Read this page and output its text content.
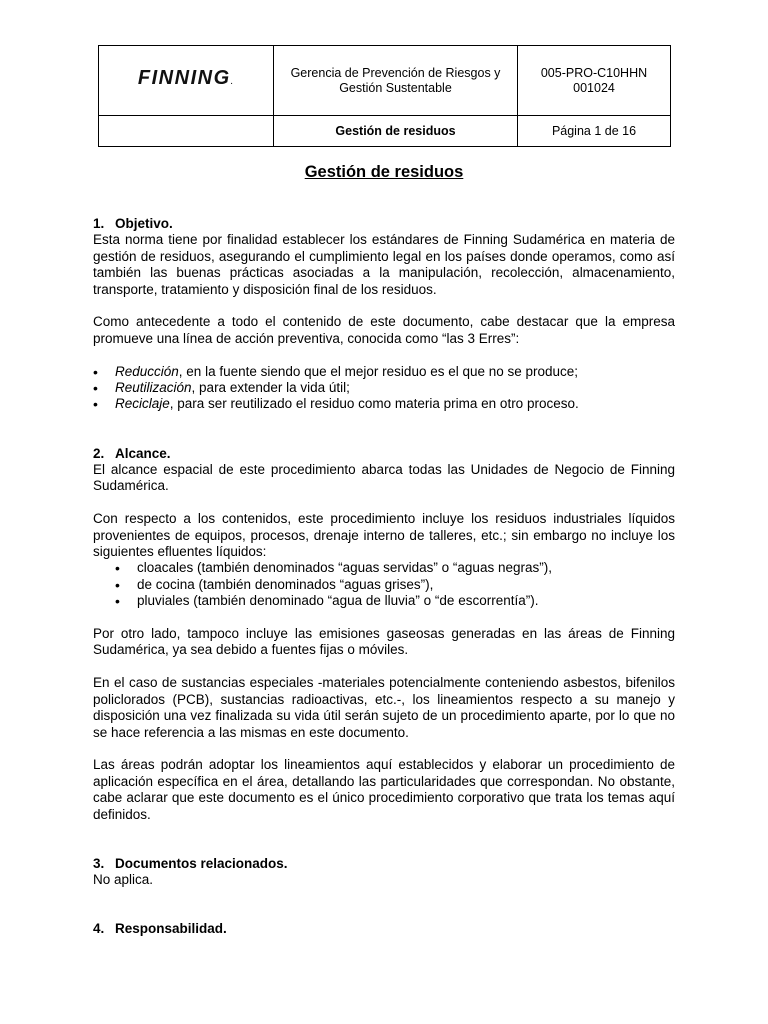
FINNING.	Gerencia de Prevención de Riesgos y Gestión Sustentable	005-PRO-C10HHN
001024

	Gestión de residuos	Página 1 de 16
Gestión de residuos

1. Objetivo.

Esta norma tiene por finalidad establecer los estándares de Finning Sudamérica en materia de gestión de residuos, asegurando el cumplimiento legal en los países donde operamos, como así también las buenas prácticas asociadas a la manipulación, recolección, almacenamiento, transporte, tratamiento y disposición final de los residuos.

Como antecedente a todo el contenido de este documento, cabe destacar que la empresa promueve una línea de acción preventiva, conocida como “las 3 Erres”:

• Reducción, en la fuente siendo que el mejor residuo es el que no se produce;
• Reutilización, para extender la vida útil;
• Reciclaje, para ser reutilizado el residuo como materia prima en otro proceso.

2. Alcance.

El alcance espacial de este procedimiento abarca todas las Unidades de Negocio de Finning Sudamérica.

Con respecto a los contenidos, este procedimiento incluye los residuos industriales líquidos provenientes de equipos, procesos, drenaje interno de talleres, etc.; sin embargo no incluye los siguientes efluentes líquidos:

• cloacales (también denominados “aguas servidas” o “aguas negras”),
• de cocina (también denominados “aguas grises”),
• pluviales (también denominado “agua de lluvia” o “de escorrentía”).

Por otro lado, tampoco incluye las emisiones gaseosas generadas en las áreas de Finning Sudamérica, ya sea debido a fuentes fijas o móviles.

En el caso de sustancias especiales -materiales potencialmente conteniendo asbestos, bifenilos policlorados (PCB), sustancias radioactivas, etc.-, los lineamientos respecto a su manejo y disposición una vez finalizada su vida útil serán sujeto de un procedimiento aparte, por lo que no se hace referencia a las mismas en este documento.

Las áreas podrán adoptar los lineamientos aquí establecidos y elaborar un procedimiento de aplicación específica en el área, detallando las particularidades que correspondan. No obstante, cabe aclarar que este documento es el único procedimiento corporativo que trata los temas aquí definidos.

3. Documentos relacionados.

No aplica.

4. Responsabilidad.
